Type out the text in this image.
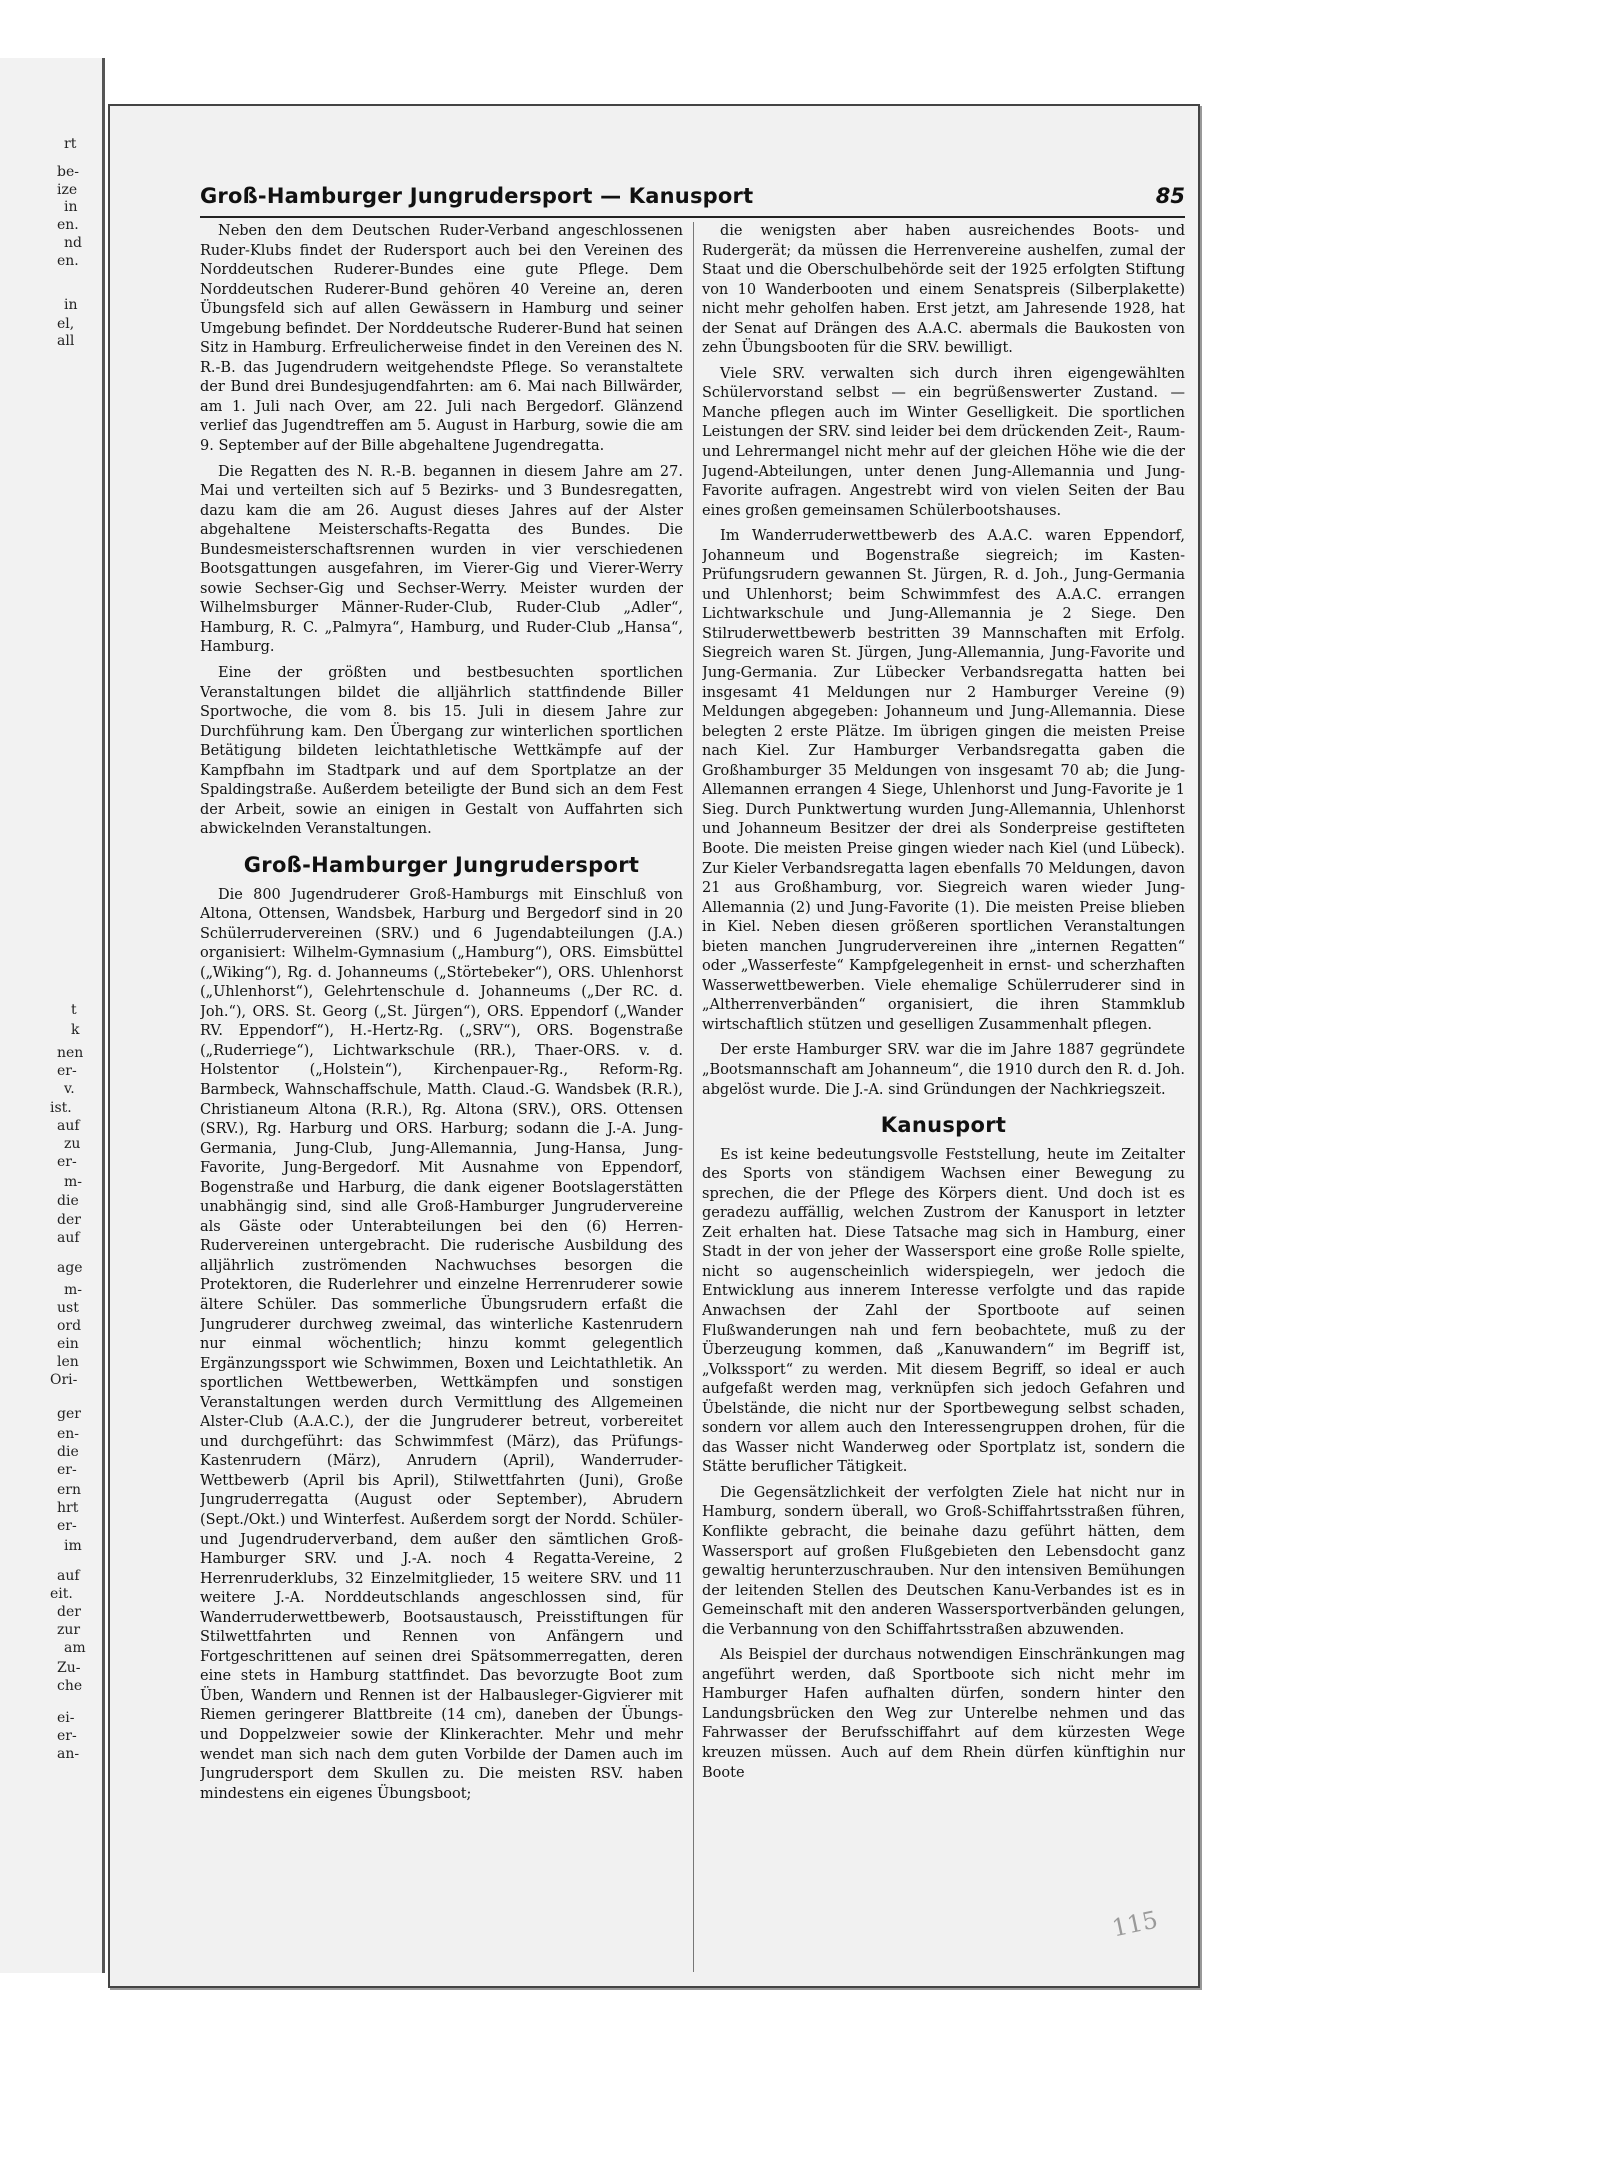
rt
be-
ize
in
en.
nd
en.
in
el,
all
t
k
nen
er-
v.
ist.
auf
zu
er-
m-
die
der
auf
age
m-
ust
ord
ein
len
Ori-
ger
en-
die
er-
ern
hrt
er-
im
auf
eit.
der
zur
am
Zu-
che
ei-
er-
an-
Groß-Hamburger Jungrudersport — Kanusport	85

Neben den dem Deutschen Ruder-Verband angeschlossenen Ruder-Klubs findet der Rudersport auch bei den Vereinen des Norddeutschen Ruderer-Bundes eine gute Pflege. Dem Norddeutschen Ruderer-Bund gehören 40 Vereine an, deren Übungsfeld sich auf allen Gewässern in Hamburg und seiner Umgebung befindet. Der Norddeutsche Ruderer-Bund hat seinen Sitz in Hamburg. Erfreulicherweise findet in den Vereinen des N. R.-B. das Jugendrudern weitgehendste Pflege. So veranstaltete der Bund drei Bundesjugendfahrten: am 6. Mai nach Billwärder, am 1. Juli nach Over, am 22. Juli nach Bergedorf. Glänzend verlief das Jugendtreffen am 5. August in Harburg, sowie die am 9. September auf der Bille abgehaltene Jugendregatta.

Die Regatten des N. R.-B. begannen in diesem Jahre am 27. Mai und verteilten sich auf 5 Bezirks- und 3 Bundesregatten, dazu kam die am 26. August dieses Jahres auf der Alster abgehaltene Meisterschafts-Regatta des Bundes. Die Bundesmeisterschaftsrennen wurden in vier verschiedenen Bootsgattungen ausgefahren, im Vierer-Gig und Vierer-Werry sowie Sechser-Gig und Sechser-Werry. Meister wurden der Wilhelmsburger Männer-Ruder-Club, Ruder-Club „Adler“, Hamburg, R. C. „Palmyra“, Hamburg, und Ruder-Club „Hansa“, Hamburg.

Eine der größten und bestbesuchten sportlichen Veranstaltungen bildet die alljährlich stattfindende Biller Sportwoche, die vom 8. bis 15. Juli in diesem Jahre zur Durchführung kam. Den Übergang zur winterlichen sportlichen Betätigung bildeten leichtathletische Wettkämpfe auf der Kampfbahn im Stadtpark und auf dem Sportplatze an der Spaldingstraße. Außerdem beteiligte der Bund sich an dem Fest der Arbeit, sowie an einigen in Gestalt von Auffahrten sich abwickelnden Veranstaltungen.

Groß-Hamburger Jungrudersport

Die 800 Jugendruderer Groß-Hamburgs mit Einschluß von Altona, Ottensen, Wandsbek, Harburg und Bergedorf sind in 20 Schülerrudervereinen (SRV.) und 6 Jugendabteilungen (J.A.) organisiert: Wilhelm-Gymnasium („Hamburg“), ORS. Eimsbüttel („Wiking“), Rg. d. Johanneums („Störtebeker“), ORS. Uhlenhorst („Uhlenhorst“), Gelehrtenschule d. Johanneums („Der RC. d. Joh.“), ORS. St. Georg („St. Jürgen“), ORS. Eppendorf („Wander RV. Eppendorf“), H.-Hertz-Rg. („SRV“), ORS. Bogenstraße („Ruderriege“), Lichtwarkschule (RR.), Thaer-ORS. v. d. Holstentor („Holstein“), Kirchenpauer-Rg., Reform-Rg. Barmbeck, Wahnschaffschule, Matth. Claud.-G. Wandsbek (R.R.), Christianeum Altona (R.R.), Rg. Altona (SRV.), ORS. Ottensen (SRV.), Rg. Harburg und ORS. Harburg; sodann die J.-A. Jung-Germania, Jung-Club, Jung-Allemannia, Jung-Hansa, Jung-Favorite, Jung-Bergedorf. Mit Ausnahme von Eppendorf, Bogenstraße und Harburg, die dank eigener Bootslagerstätten unabhängig sind, sind alle Groß-Hamburger Jungrudervereine als Gäste oder Unterabteilungen bei den (6) Herren-Rudervereinen untergebracht. Die ruderische Ausbildung des alljährlich zuströmenden Nachwuchses besorgen die Protektoren, die Ruderlehrer und einzelne Herrenruderer sowie ältere Schüler. Das sommerliche Übungsrudern erfaßt die Jungruderer durchweg zweimal, das winterliche Kastenrudern nur einmal wöchentlich; hinzu kommt gelegentlich Ergänzungssport wie Schwimmen, Boxen und Leichtathletik. An sportlichen Wettbewerben, Wettkämpfen und sonstigen Veranstaltungen werden durch Vermittlung des Allgemeinen Alster-Club (A.A.C.), der die Jungruderer betreut, vorbereitet und durchgeführt: das Schwimmfest (März), das Prüfungs-Kastenrudern (März), Anrudern (April), Wanderruder-Wettbewerb (April bis April), Stilwettfahrten (Juni), Große Jungruderregatta (August oder September), Abrudern (Sept./Okt.) und Winterfest. Außerdem sorgt der Nordd. Schüler- und Jugendruderverband, dem außer den sämtlichen Groß-Hamburger SRV. und J.-A. noch 4 Regatta-Vereine, 2 Herrenruderklubs, 32 Einzelmitglieder, 15 weitere SRV. und 11 weitere J.-A. Norddeutschlands angeschlossen sind, für Wanderruderwettbewerb, Bootsaustausch, Preisstiftungen für Stilwettfahrten und Rennen von Anfängern und Fortgeschrittenen auf seinen drei Spätsommerregatten, deren eine stets in Hamburg stattfindet. Das bevorzugte Boot zum Üben, Wandern und Rennen ist der Halbausleger-Gigvierer mit Riemen geringerer Blattbreite (14 cm), daneben der Übungs- und Doppelzweier sowie der Klinkerachter. Mehr und mehr wendet man sich nach dem guten Vorbilde der Damen auch im Jungrudersport dem Skullen zu. Die meisten RSV. haben mindestens ein eigenes Übungsboot;

die wenigsten aber haben ausreichendes Boots- und Rudergerät; da müssen die Herrenvereine aushelfen, zumal der Staat und die Oberschulbehörde seit der 1925 erfolgten Stiftung von 10 Wanderbooten und einem Senatspreis (Silberplakette) nicht mehr geholfen haben. Erst jetzt, am Jahresende 1928, hat der Senat auf Drängen des A.A.C. abermals die Baukosten von zehn Übungsbooten für die SRV. bewilligt.

Viele SRV. verwalten sich durch ihren eigengewählten Schülervorstand selbst — ein begrüßenswerter Zustand. — Manche pflegen auch im Winter Geselligkeit. Die sportlichen Leistungen der SRV. sind leider bei dem drückenden Zeit-, Raum- und Lehrermangel nicht mehr auf der gleichen Höhe wie die der Jugend-Abteilungen, unter denen Jung-Allemannia und Jung-Favorite aufragen. Angestrebt wird von vielen Seiten der Bau eines großen gemeinsamen Schülerbootshauses.

Im Wanderruderwettbewerb des A.A.C. waren Eppendorf, Johanneum und Bogenstraße siegreich; im Kasten-Prüfungsrudern gewannen St. Jürgen, R. d. Joh., Jung-Germania und Uhlenhorst; beim Schwimmfest des A.A.C. errangen Lichtwarkschule und Jung-Allemannia je 2 Siege. Den Stilruderwettbewerb bestritten 39 Mannschaften mit Erfolg. Siegreich waren St. Jürgen, Jung-Allemannia, Jung-Favorite und Jung-Germania. Zur Lübecker Verbandsregatta hatten bei insgesamt 41 Meldungen nur 2 Hamburger Vereine (9) Meldungen abgegeben: Johanneum und Jung-Allemannia. Diese belegten 2 erste Plätze. Im übrigen gingen die meisten Preise nach Kiel. Zur Hamburger Verbandsregatta gaben die Großhamburger 35 Meldungen von insgesamt 70 ab; die Jung-Allemannen errangen 4 Siege, Uhlenhorst und Jung-Favorite je 1 Sieg. Durch Punktwertung wurden Jung-Allemannia, Uhlenhorst und Johanneum Besitzer der drei als Sonderpreise gestifteten Boote. Die meisten Preise gingen wieder nach Kiel (und Lübeck). Zur Kieler Verbandsregatta lagen ebenfalls 70 Meldungen, davon 21 aus Großhamburg, vor. Siegreich waren wieder Jung-Allemannia (2) und Jung-Favorite (1). Die meisten Preise blieben in Kiel. Neben diesen größeren sportlichen Veranstaltungen bieten manchen Jungrudervereinen ihre „internen Regatten“ oder „Wasserfeste“ Kampfgelegenheit in ernst- und scherzhaften Wasserwettbewerben. Viele ehemalige Schülerruderer sind in „Altherrenverbänden“ organisiert, die ihren Stammklub wirtschaftlich stützen und geselligen Zusammenhalt pflegen.

Der erste Hamburger SRV. war die im Jahre 1887 gegründete „Bootsmannschaft am Johanneum“, die 1910 durch den R. d. Joh. abgelöst wurde. Die J.-A. sind Gründungen der Nachkriegszeit.

Kanusport

Es ist keine bedeutungsvolle Feststellung, heute im Zeitalter des Sports von ständigem Wachsen einer Bewegung zu sprechen, die der Pflege des Körpers dient. Und doch ist es geradezu auffällig, welchen Zustrom der Kanusport in letzter Zeit erhalten hat. Diese Tatsache mag sich in Hamburg, einer Stadt in der von jeher der Wassersport eine große Rolle spielte, nicht so augenscheinlich widerspiegeln, wer jedoch die Entwicklung aus innerem Interesse verfolgte und das rapide Anwachsen der Zahl der Sportboote auf seinen Flußwanderungen nah und fern beobachtete, muß zu der Überzeugung kommen, daß „Kanuwandern“ im Begriff ist, „Volkssport“ zu werden. Mit diesem Begriff, so ideal er auch aufgefaßt werden mag, verknüpfen sich jedoch Gefahren und Übelstände, die nicht nur der Sportbewegung selbst schaden, sondern vor allem auch den Interessengruppen drohen, für die das Wasser nicht Wanderweg oder Sportplatz ist, sondern die Stätte beruflicher Tätigkeit.

Die Gegensätzlichkeit der verfolgten Ziele hat nicht nur in Hamburg, sondern überall, wo Groß-Schiffahrtsstraßen führen, Konflikte gebracht, die beinahe dazu geführt hätten, dem Wassersport auf großen Flußgebieten den Lebensdocht ganz gewaltig herunterzuschrauben. Nur den intensiven Bemühungen der leitenden Stellen des Deutschen Kanu-Verbandes ist es in Gemeinschaft mit den anderen Wassersportverbänden gelungen, die Verbannung von den Schiffahrtsstraßen abzuwenden.

Als Beispiel der durchaus notwendigen Einschränkungen mag angeführt werden, daß Sportboote sich nicht mehr im Hamburger Hafen aufhalten dürfen, sondern hinter den Landungsbrücken den Weg zur Unterelbe nehmen und das Fahrwasser der Berufsschiffahrt auf dem kürzesten Wege kreuzen müssen. Auch auf dem Rhein dürfen künftighin nur Boote

115
